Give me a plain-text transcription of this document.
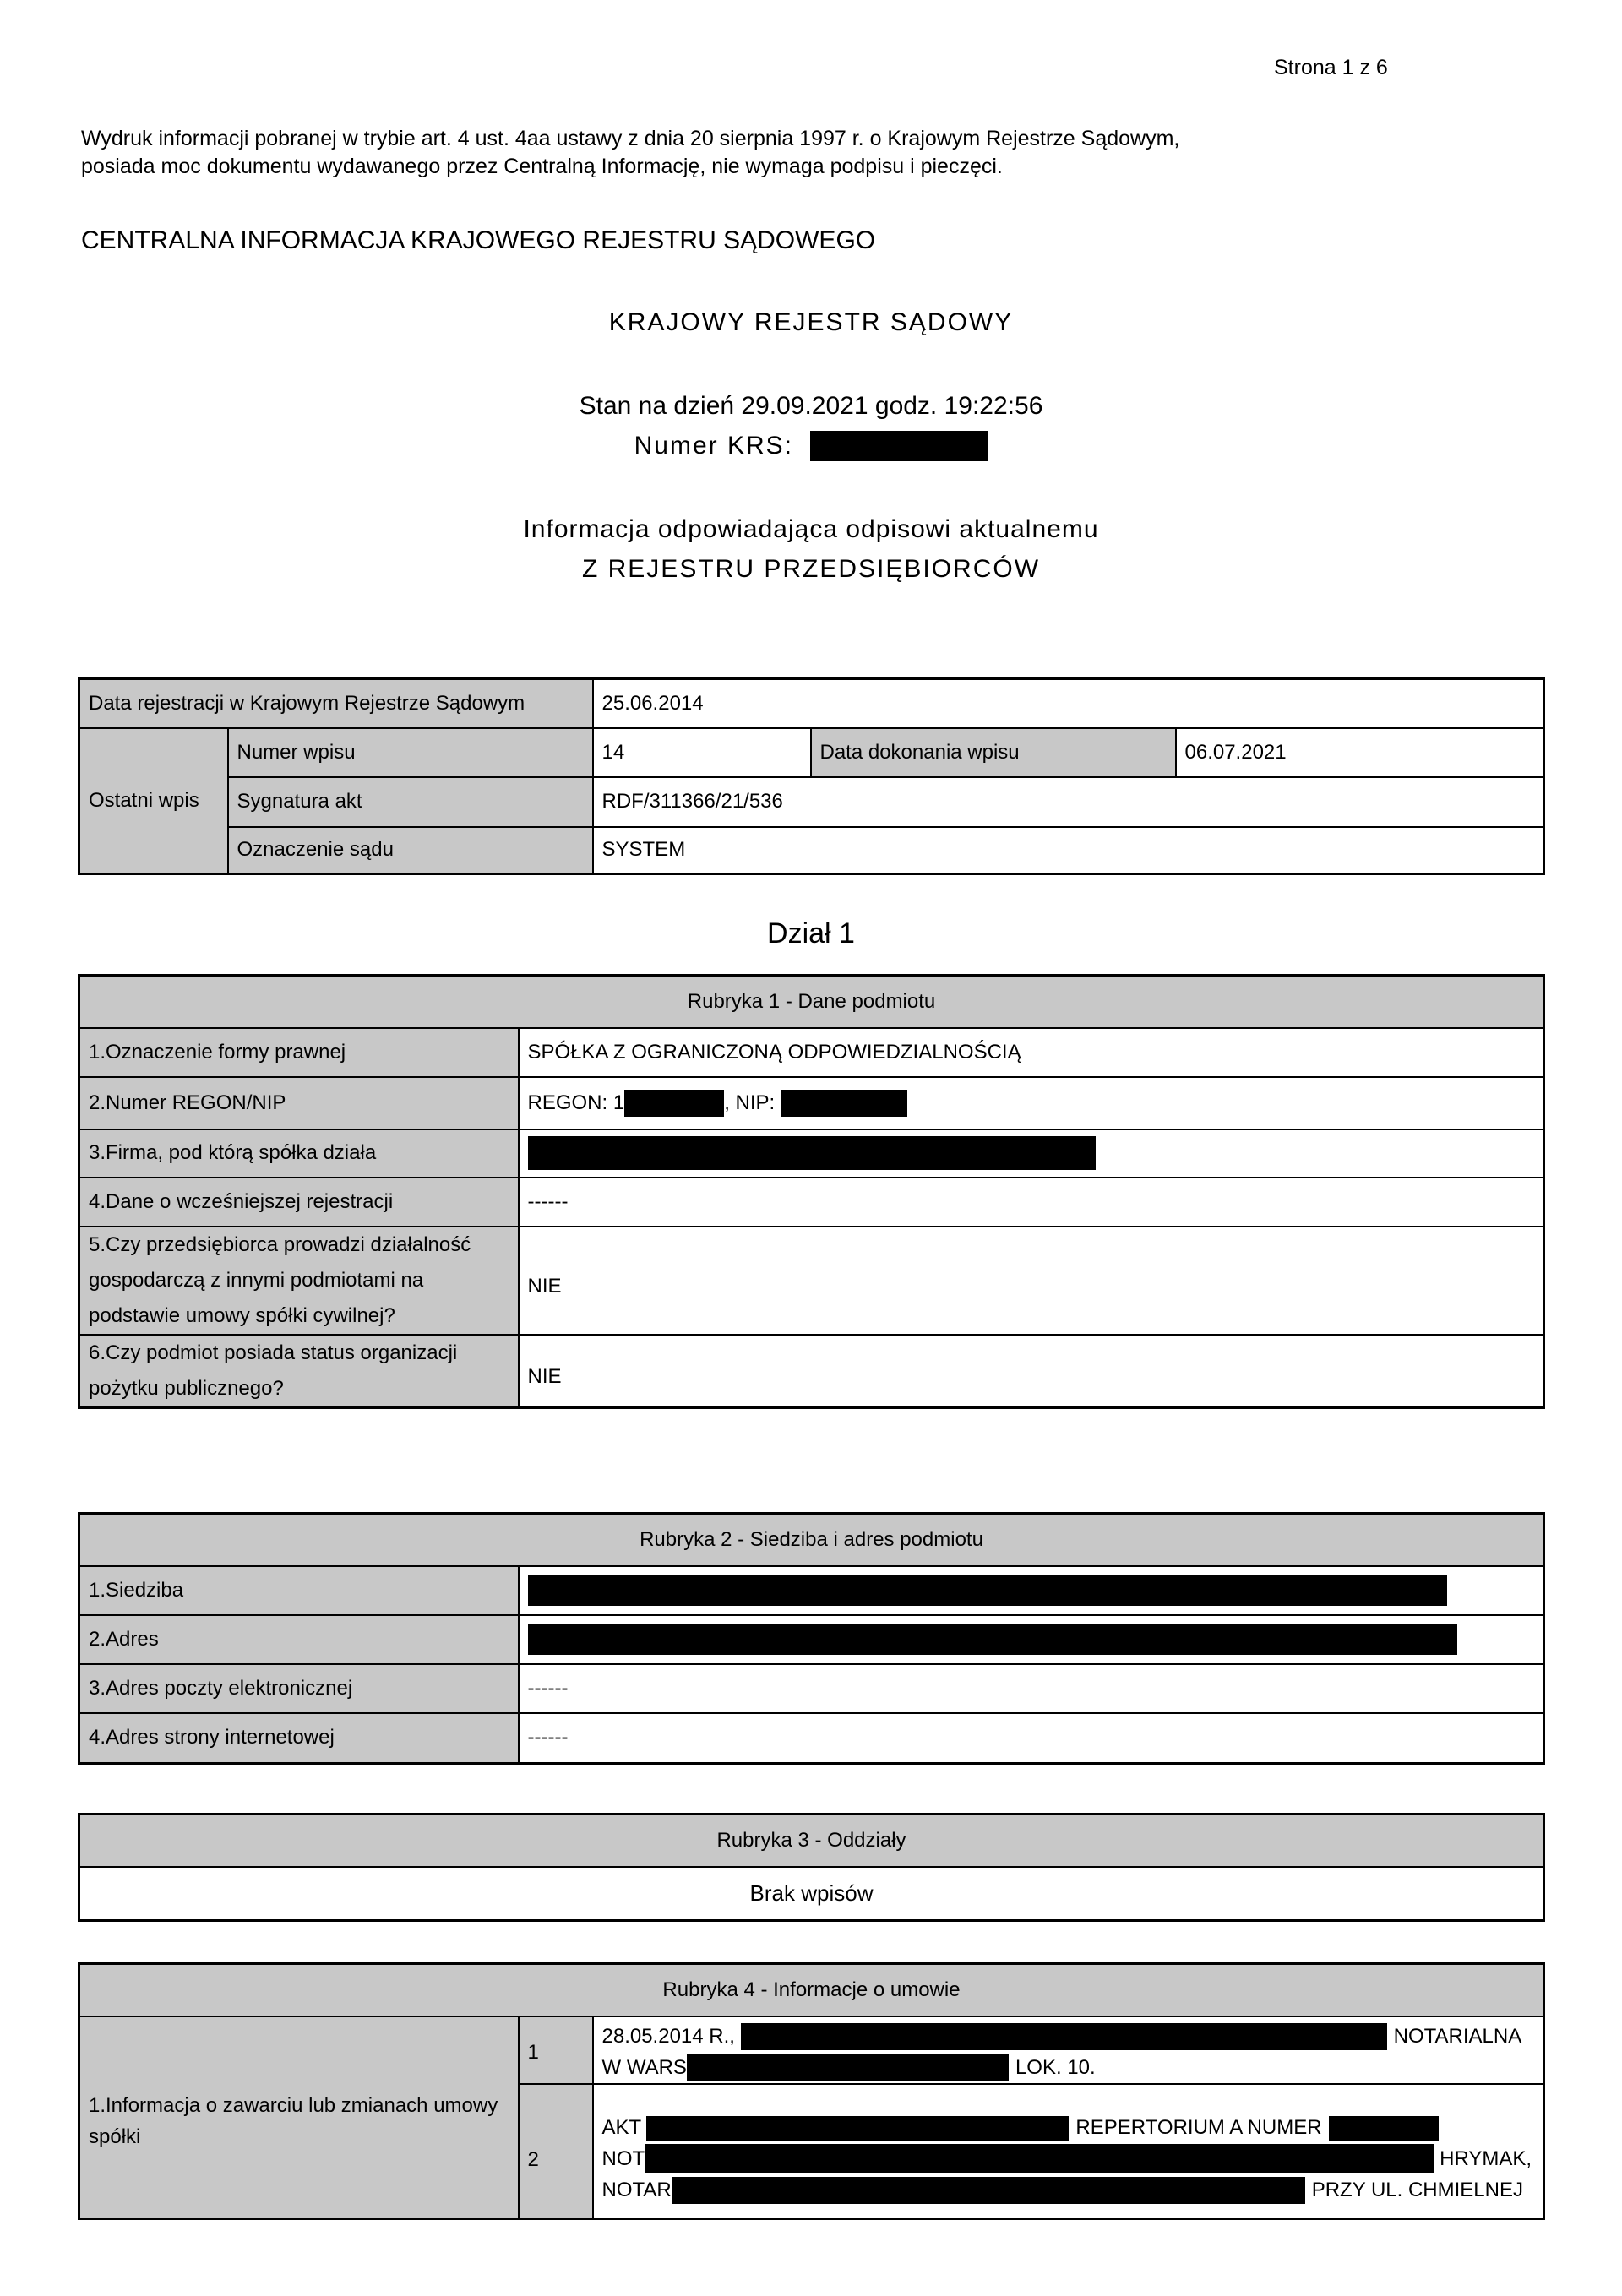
Strona 1 z 6
Wydruk informacji pobranej w trybie art. 4 ust. 4aa ustawy z dnia 20 sierpnia 1997 r. o Krajowym Rejestrze Sądowym,
posiada moc dokumentu wydawanego przez Centralną Informację, nie wymaga podpisu i pieczęci.
CENTRALNA INFORMACJA KRAJOWEGO REJESTRU SĄDOWEGO
KRAJOWY REJESTR SĄDOWY
Stan na dzień 29.09.2021 godz. 19:22:56
Numer KRS:
Informacja odpowiadająca odpisowi aktualnemu
Z REJESTRU PRZEDSIĘBIORCÓW
Data rejestracji w Krajowym Rejestrze Sądowym		25.06.2014		
Ostatni wpis	Numer wpisu	14	Data dokonania wpisu	06.07.2021
	Sygnatura akt	RDF/311366/21/536		
	Oznaczenie sądu	SYSTEM		
Dział 1
Rubryka 1 - Dane podmiotu	
1.Oznaczenie formy prawnej	SPÓŁKA Z OGRANICZONĄ ODPOWIEDZIALNOŚCIĄ
2.Numer REGON/NIP	REGON: 1 , NIP:
3.Firma, pod którą spółka działa	
4.Dane o wcześniejszej rejestracji	------
5.Czy przedsiębiorca prowadzi działalność gospodarczą z innymi podmiotami na podstawie umowy spółki cywilnej?	NIE
6.Czy podmiot posiada status organizacji pożytku publicznego?	NIE
Rubryka 2 - Siedziba i adres podmiotu	
1.Siedziba	
2.Adres	
3.Adres poczty elektronicznej	------
4.Adres strony internetowej	------
Rubryka 3 - Oddziały
Brak wpisów
Rubryka 4 - Informacje o umowie		
1.Informacja o zawarciu lub zmianach umowy spółki	1	28.05.2014 R., NOTARIALNA
W WARS LOK. 10.

	2	AKT REPERTORIUM A NUMER
NOT HRYMAK,
NOTAR PRZY UL. CHMIELNEJ
